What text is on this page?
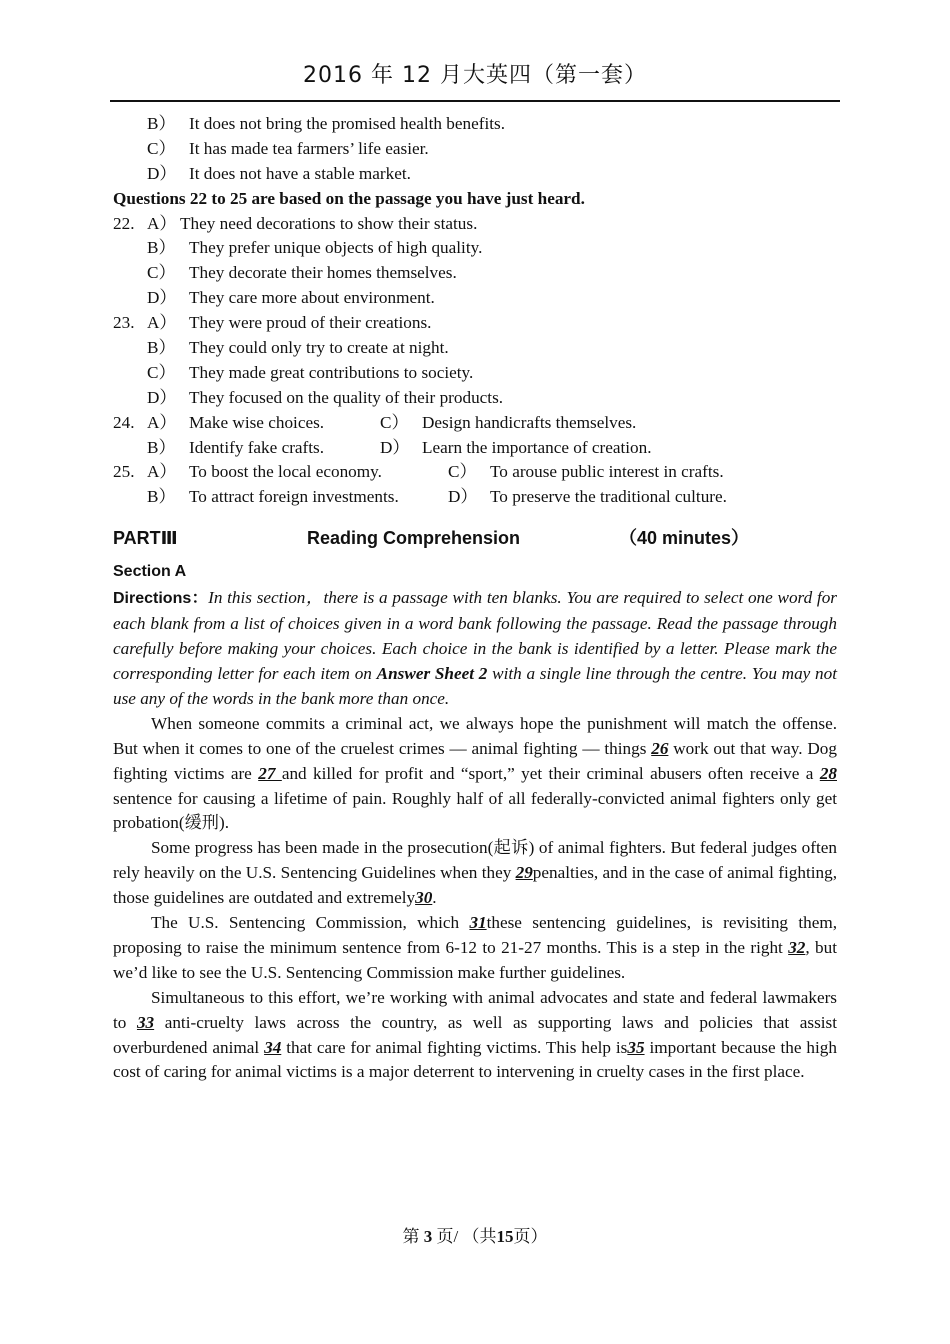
2016 年 12 月大英四（第一套）
B） It does not bring the promised health benefits.
C） It has made tea farmers’ life easier.
D） It does not have a stable market.
Questions 22 to 25 are based on the passage you have just heard.
22. A） They need decorations to show their status.
B） They prefer unique objects of high quality.
C） They decorate their homes themselves.
D） They care more about environment.
23. A） They were proud of their creations.
B） They could only try to create at night.
C） They made great contributions to society.
D） They focused on the quality of their products.
24. A） Make wise choices.	C） Design handicrafts themselves.
B） Identify fake crafts.	D） Learn the importance of creation.
25. A） To boost the local economy.	C） To arouse public interest in crafts.
B） To attract foreign investments.	D） To preserve the traditional culture.
PARTⅢ	Reading Comprehension	（40 minutes）
Section A
Directions：In this section，there is a passage with ten blanks. You are required to select one word for each blank from a list of choices given in a word bank following the passage. Read the passage through carefully before making your choices. Each choice in the bank is identified by a letter. Please mark the corresponding letter for each item on Answer Sheet 2 with a single line through the centre. You may not use any of the words in the bank more than once.
When someone commits a criminal act, we always hope the punishment will match the offense. But when it comes to one of the cruelest crimes — animal fighting — things 26 work out that way. Dog fighting victims are 27 and killed for profit and “sport,” yet their criminal abusers often receive a 28 sentence for causing a lifetime of pain. Roughly half of all federally-convicted animal fighters only get probation(缓刑).
Some progress has been made in the prosecution(起诉) of animal fighters. But federal judges often rely heavily on the U.S. Sentencing Guidelines when they 29penalties, and in the case of animal fighting, those guidelines are outdated and extremely30.
The U.S. Sentencing Commission, which 31these sentencing guidelines, is revisiting them, proposing to raise the minimum sentence from 6-12 to 21-27 months. This is a step in the right 32, but we’d like to see the U.S. Sentencing Commission make further guidelines.
Simultaneous to this effort, we’re working with animal advocates and state and federal lawmakers to 33 anti-cruelty laws across the country, as well as supporting laws and policies that assist overburdened animal 34 that care for animal fighting victims. This help is35 important because the high cost of caring for animal victims is a major deterrent to intervening in cruelty cases in the first place.
第 3 页/ （共15页）
